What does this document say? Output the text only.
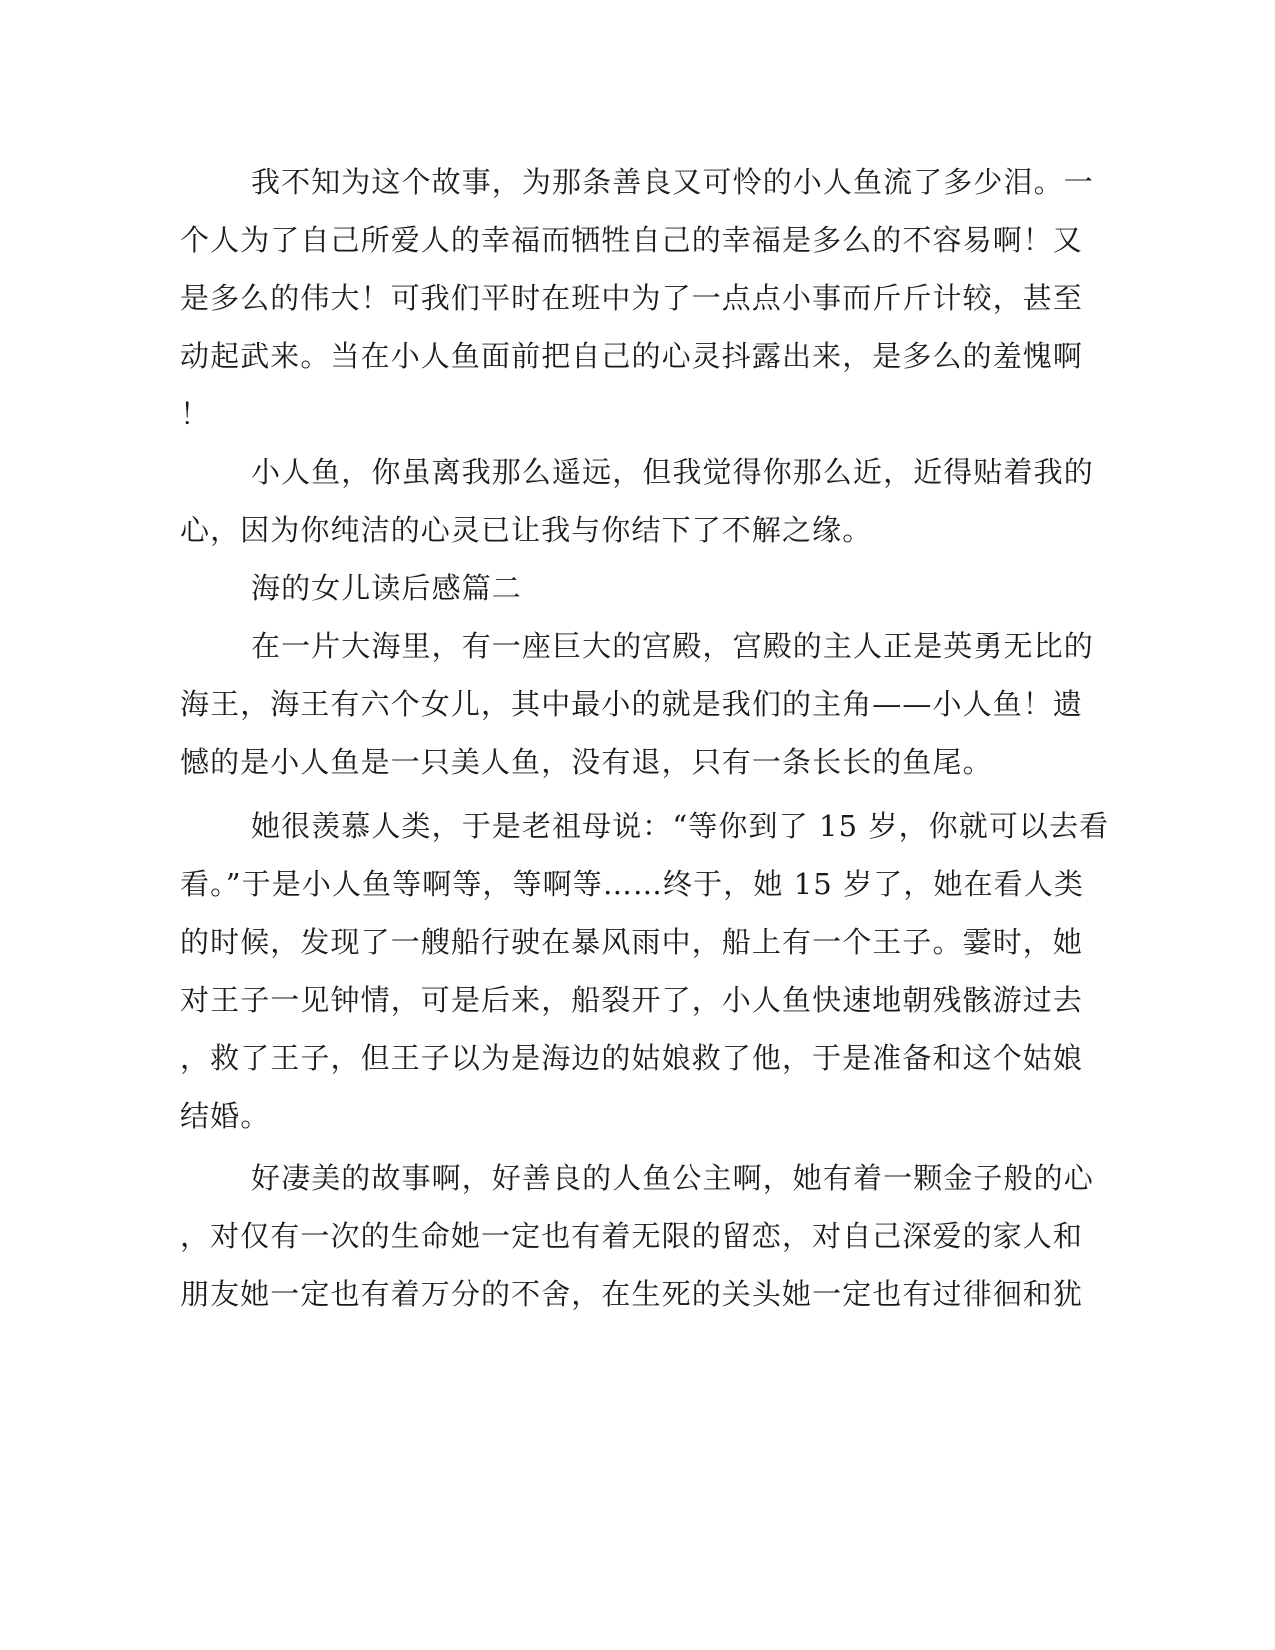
我不知为这个故事，为那条善良又可怜的小人鱼流了多少泪。一
个人为了自己所爱人的幸福而牺牲自己的幸福是多么的不容易啊！又
是多么的伟大！可我们平时在班中为了一点点小事而斤斤计较，甚至
动起武来。当在小人鱼面前把自己的心灵抖露出来，是多么的羞愧啊
！
小人鱼，你虽离我那么遥远，但我觉得你那么近，近得贴着我的
心，因为你纯洁的心灵已让我与你结下了不解之缘。
海的女儿读后感篇二
在一片大海里，有一座巨大的宫殿，宫殿的主人正是英勇无比的
海王，海王有六个女儿，其中最小的就是我们的主角——小人鱼！遗
憾的是小人鱼是一只美人鱼，没有退，只有一条长长的鱼尾。
她很羡慕人类，于是老祖母说：“等你到了 15 岁，你就可以去看
看。”于是小人鱼等啊等，等啊等……终于，她 15 岁了，她在看人类
的时候，发现了一艘船行驶在暴风雨中，船上有一个王子。霎时，她
对王子一见钟情，可是后来，船裂开了，小人鱼快速地朝残骸游过去
，救了王子，但王子以为是海边的姑娘救了他，于是准备和这个姑娘
结婚。
好凄美的故事啊，好善良的人鱼公主啊，她有着一颗金子般的心
，对仅有一次的生命她一定也有着无限的留恋，对自己深爱的家人和
朋友她一定也有着万分的不舍，在生死的关头她一定也有过徘徊和犹
